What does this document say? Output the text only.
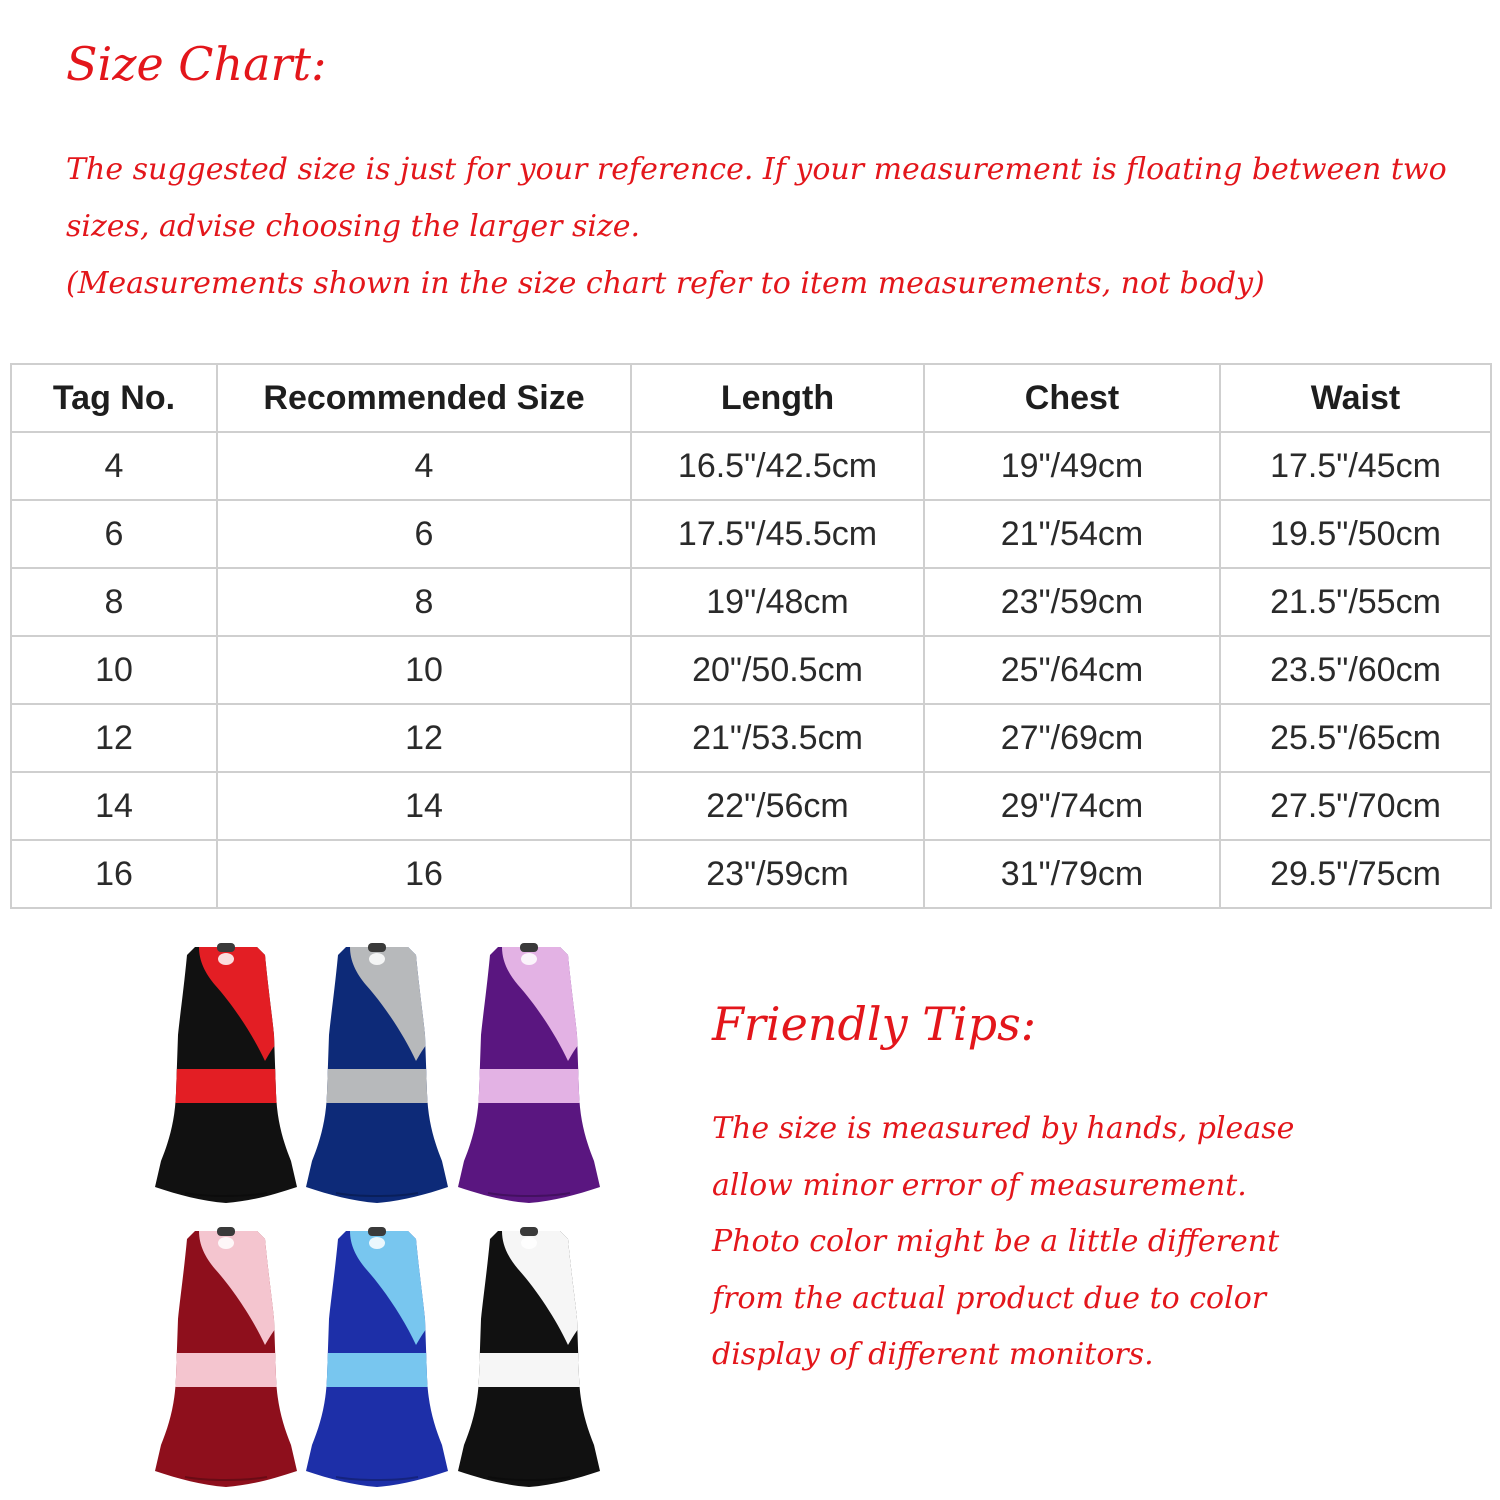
Size Chart:
The suggested size is just for your reference. If your measurement is floating between two
sizes, advise choosing the larger size.
(Measurements shown in the size chart refer to item measurements, not body)
Tag No.	Recommended Size	Length	Chest	Waist
4	4	16.5"/42.5cm	19"/49cm	17.5"/45cm
6	6	17.5"/45.5cm	21"/54cm	19.5"/50cm
8	8	19"/48cm	23"/59cm	21.5"/55cm
10	10	20"/50.5cm	25"/64cm	23.5"/60cm
12	12	21"/53.5cm	27"/69cm	25.5"/65cm
14	14	22"/56cm	29"/74cm	27.5"/70cm
16	16	23"/59cm	31"/79cm	29.5"/75cm
Friendly Tips:
The size is measured by hands, please
allow minor error of measurement.
Photo color might be a little different
from the actual product due to color
display of different monitors.
